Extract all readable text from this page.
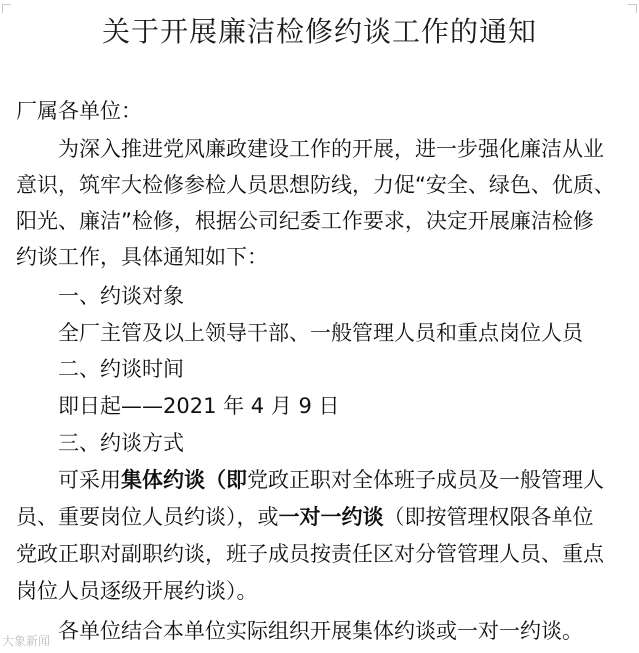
关于开展廉洁检修约谈工作的通知
厂属各单位：
为深入推进党风廉政建设工作的开展，进一步强化廉洁从业
意识，筑牢大检修参检人员思想防线，力促“安全、绿色、优质、
阳光、廉洁”检修，根据公司纪委工作要求，决定开展廉洁检修
约谈工作，具体通知如下：
一、约谈对象
全厂主管及以上领导干部、一般管理人员和重点岗位人员
二、约谈时间
即日起——2021 年 4 月 9 日
三、约谈方式
可采用集体约谈（即党政正职对全体班子成员及一般管理人
员、重要岗位人员约谈），或一对一约谈（即按管理权限各单位
党政正职对副职约谈，班子成员按责任区对分管管理人员、重点
岗位人员逐级开展约谈）。
各单位结合本单位实际组织开展集体约谈或一对一约谈。
大象新闻
